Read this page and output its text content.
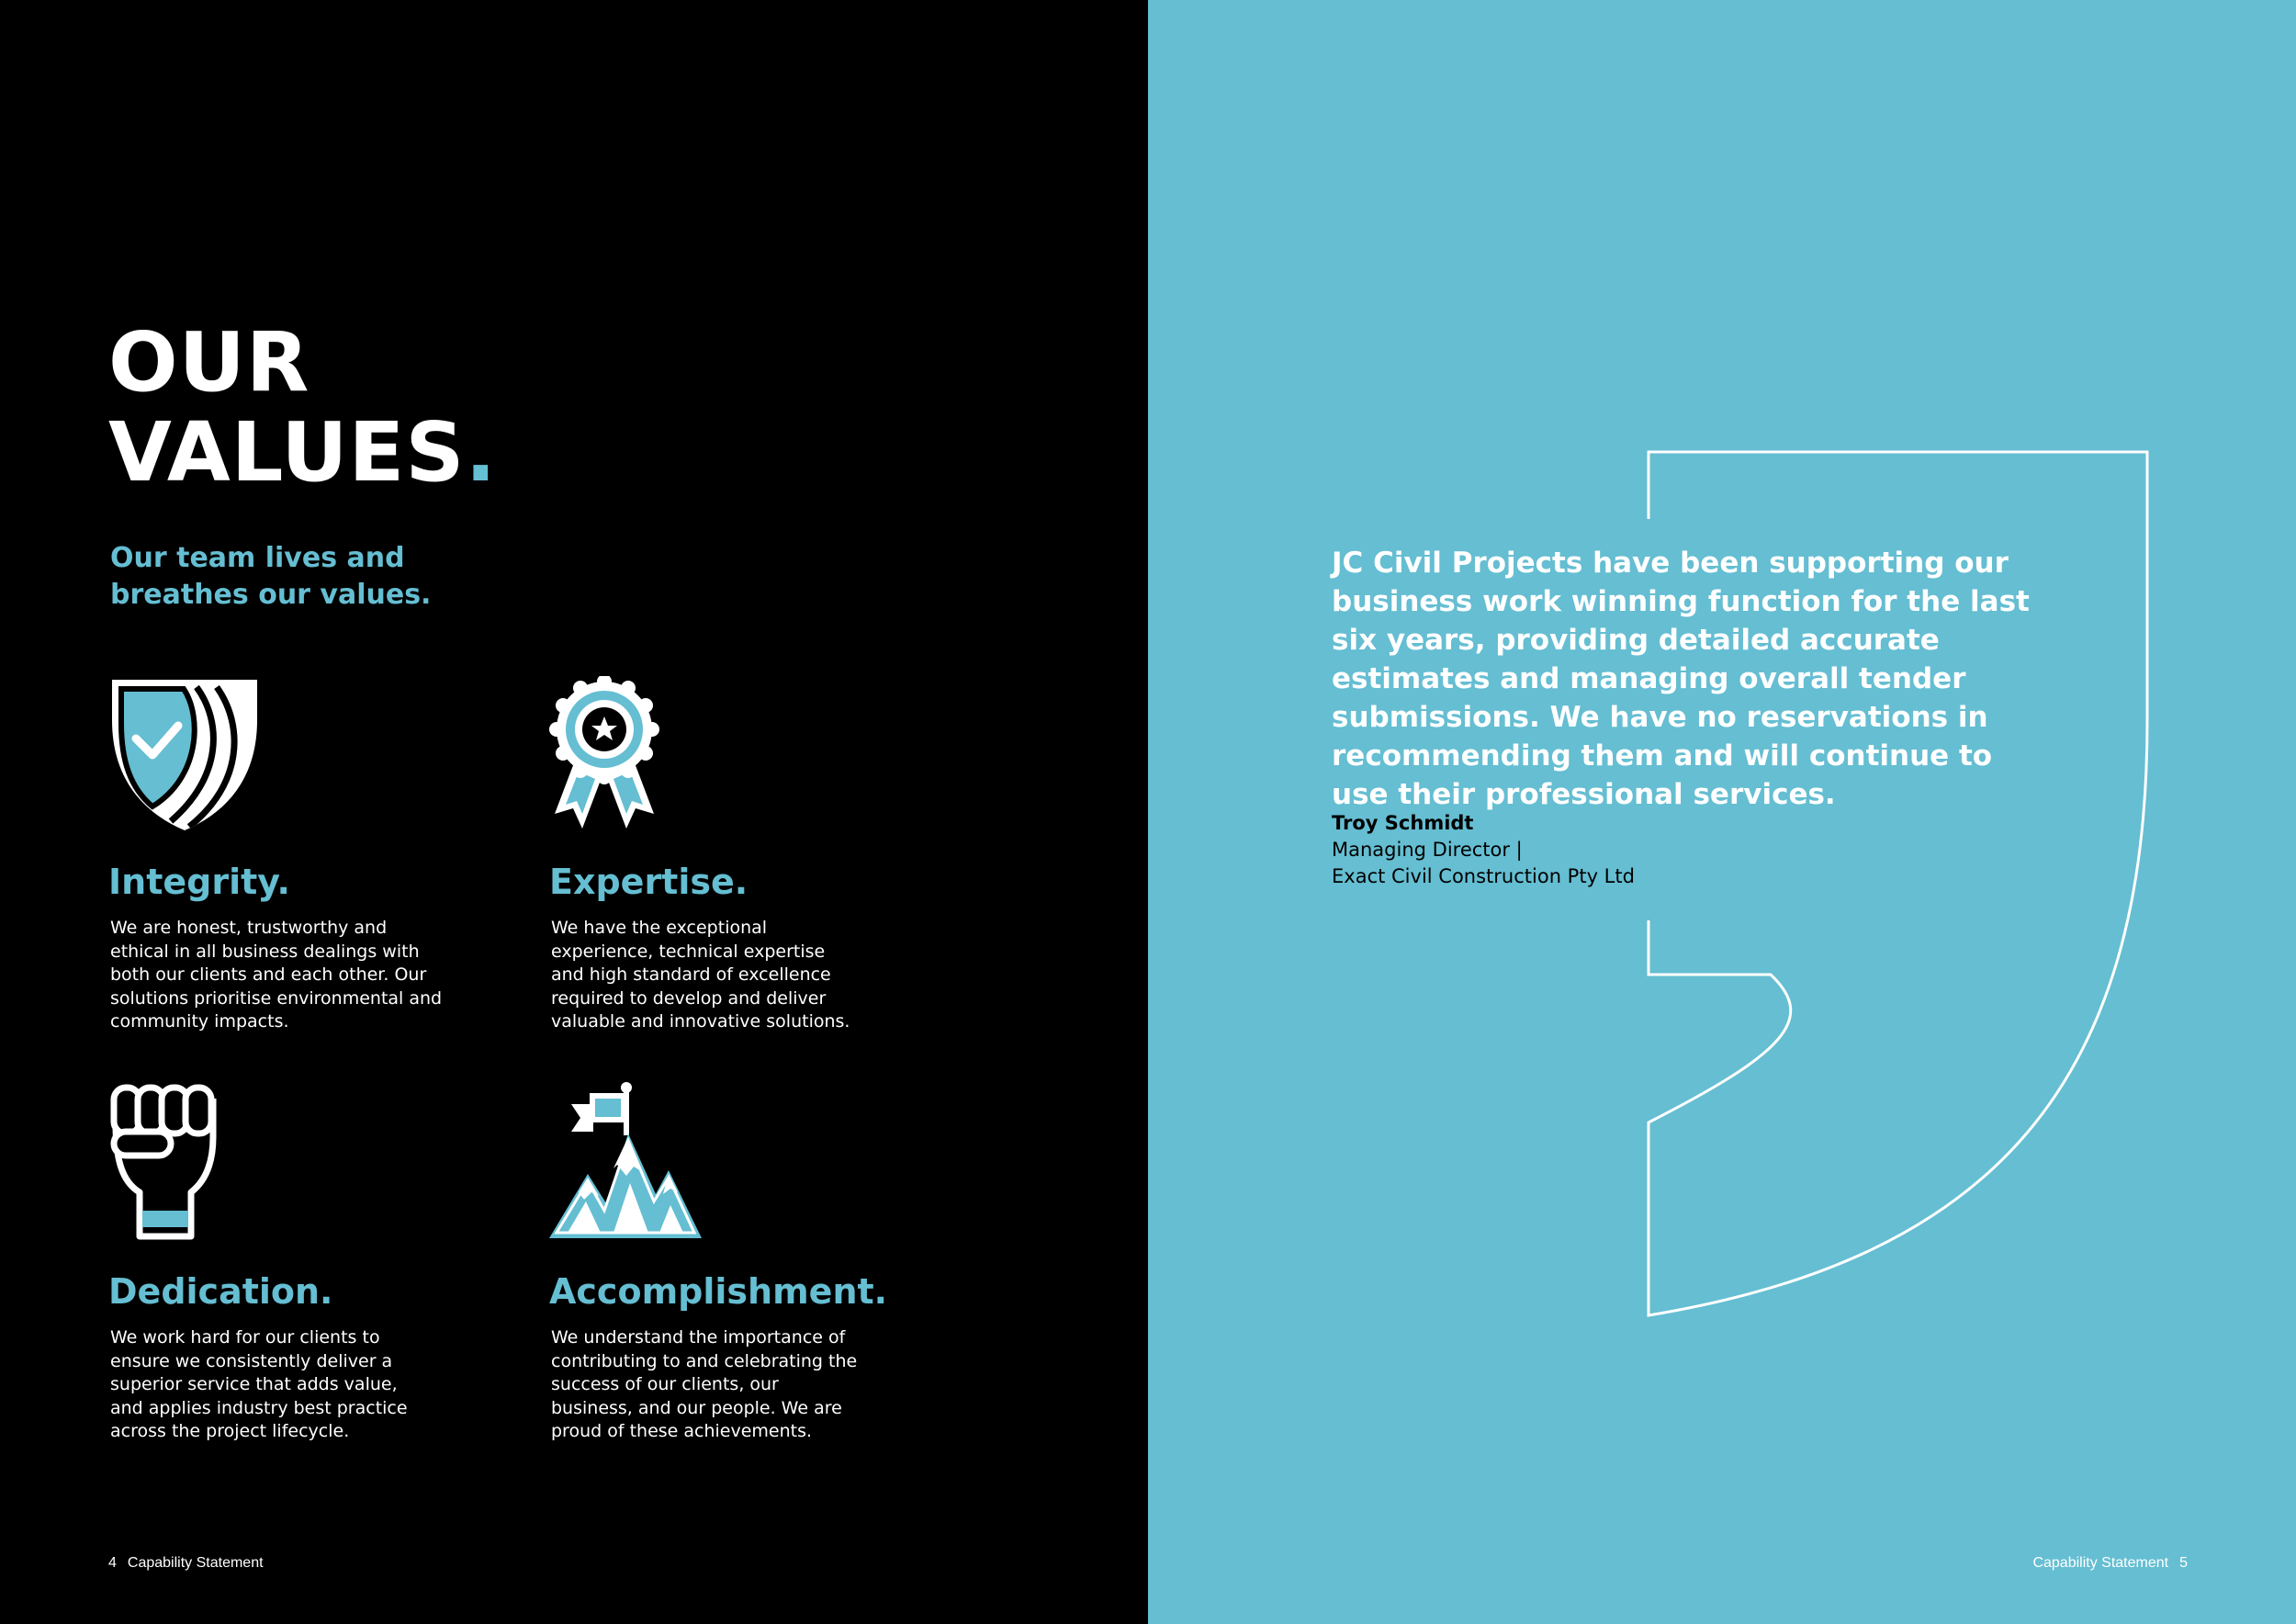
OUR
VALUES.
Our team lives and breathes our values.
Integrity.
We are honest, trustworthy and ethical in all business dealings with both our clients and each other. Our solutions prioritise environmental and community impacts.
Expertise.
We have the exceptional experience, technical expertise and high standard of excellence required to develop and deliver valuable and innovative solutions.
Dedication.
We work hard for our clients to ensure we consistently deliver a superior service that adds value, and applies industry best practice across the project lifecycle.
Accomplishment.
We understand the importance of contributing to and celebrating the success of our clients, our business, and our people. We are proud of these achievements.
4 Capability Statement	Capability Statement 5
JC Civil Projects have been supporting our business work winning function for the last six years, providing detailed accurate estimates and managing overall tender submissions. We have no reservations in recommending them and will continue to use their professional services.
Troy Schmidt
Managing Director |
Exact Civil Construction Pty Ltd
